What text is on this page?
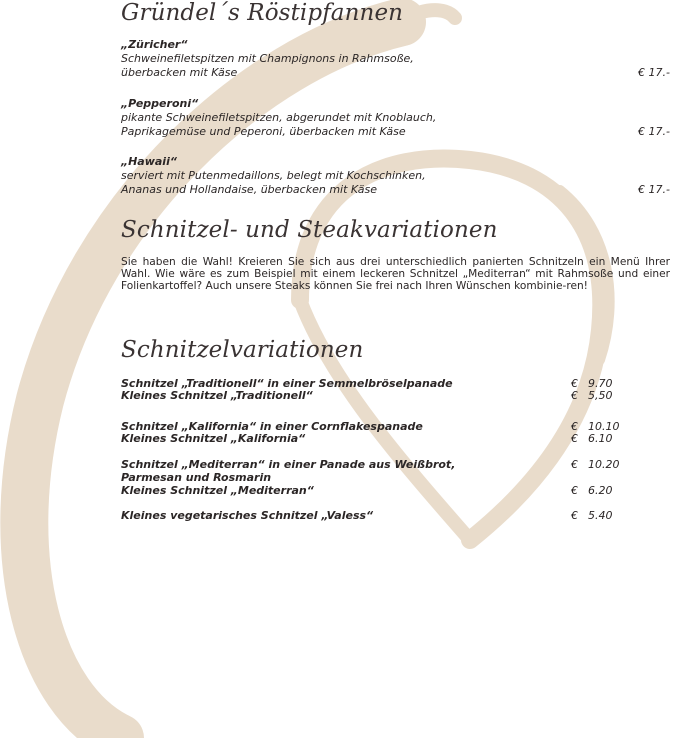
Gründel´s Röstipfannen
„Züricher“
Schweinefiletspitzen mit Champignons in Rahmsoße,
überbacken mit Käse	€ 17.-
„Pepperoni“
pikante Schweinefiletspitzen, abgerundet mit Knoblauch,
Paprikagemüse und Peperoni, überbacken mit Käse	€ 17.-
„Hawaii“
serviert mit Putenmedaillons, belegt mit Kochschinken,
Ananas und Hollandaise, überbacken mit Käse	€ 17.-
Schnitzel- und Steakvariationen

Sie haben die Wahl! Kreieren Sie sich aus drei unterschiedlich panierten Schnitzeln ein Menü Ihrer Wahl. Wie wäre es zum Beispiel mit einem leckeren Schnitzel „Mediterran“ mit Rahmsoße und einer Folienkartoffel? Auch unsere Steaks können Sie frei nach Ihren Wünschen kombinie-ren!

Schnitzelvariationen
Schnitzel „Traditionell“ in einer Semmelbröselpanade	€ 9.70
Kleines Schnitzel „Traditionell“	€ 5,50
Schnitzel „Kalifornia“ in einer Cornflakespanade	€ 10.10
Kleines Schnitzel „Kalifornia“	€ 6.10
Schnitzel „Mediterran“ in einer Panade aus Weißbrot,	€ 10.20
Parmesan und Rosmarin
Kleines Schnitzel „Mediterran“	€ 6.20
Kleines vegetarisches Schnitzel „Valess“	€ 5.40
